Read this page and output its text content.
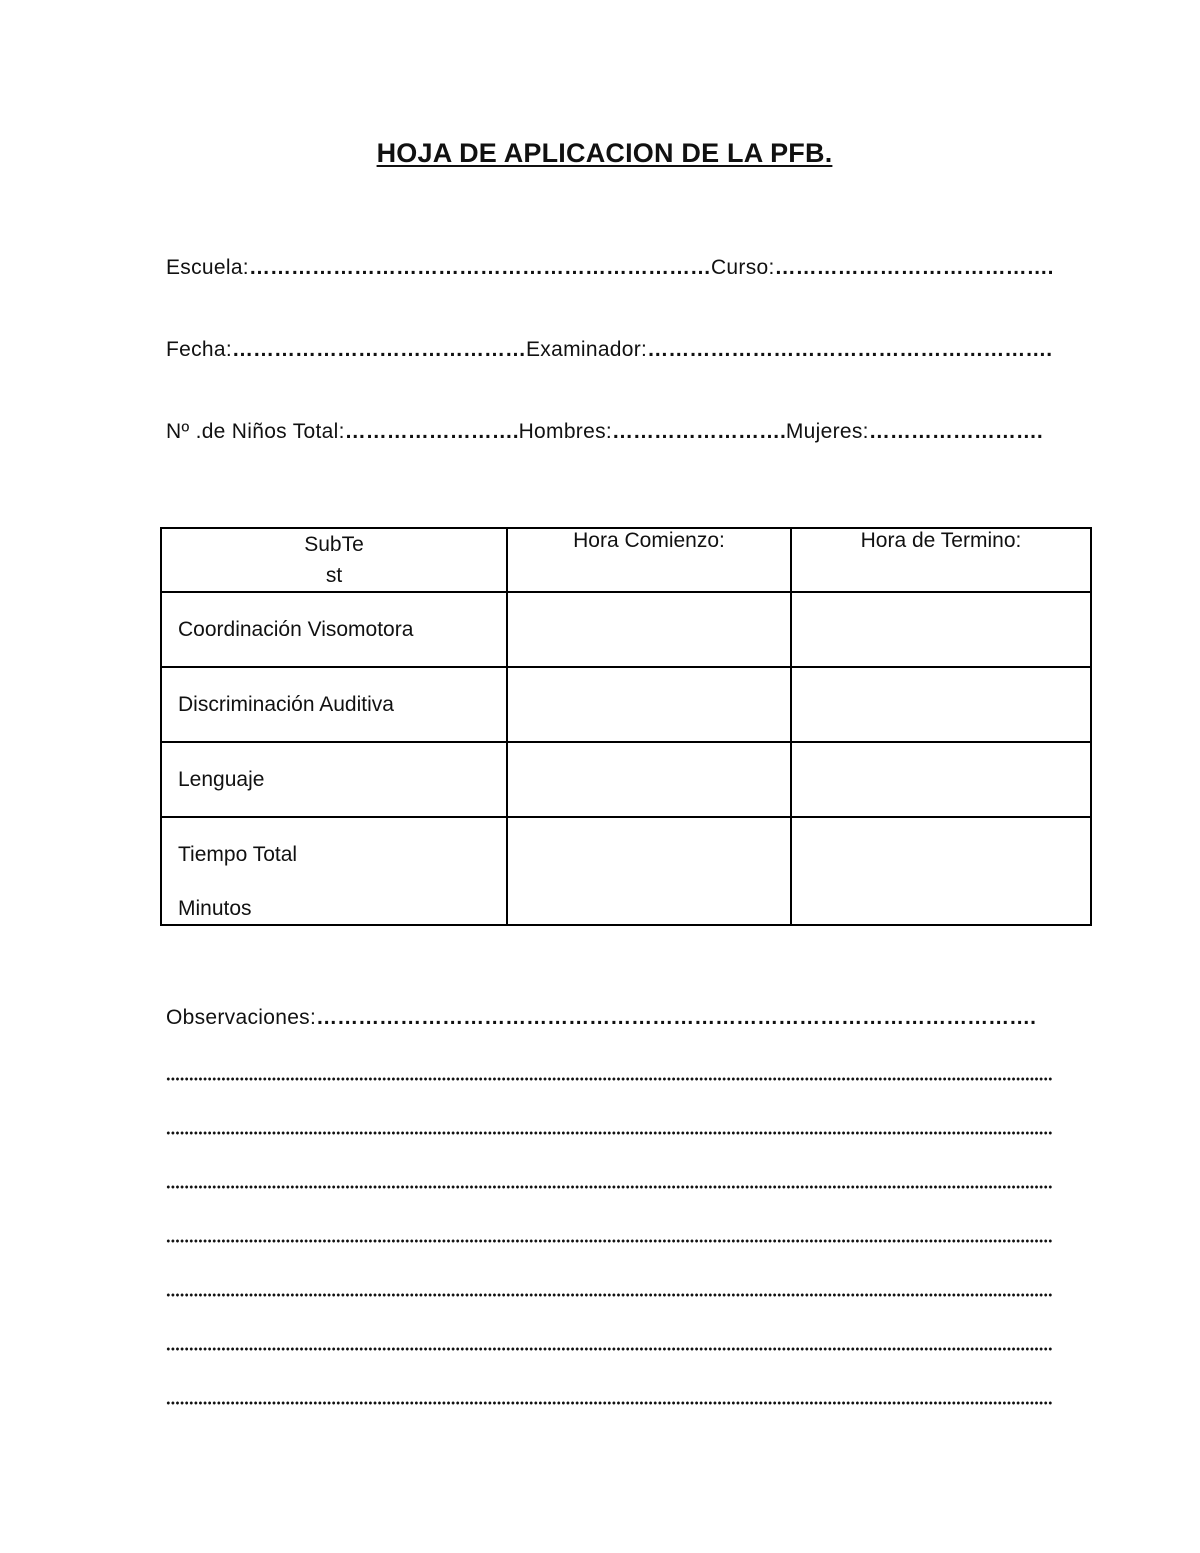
HOJA DE APLICACION DE LA PFB.
Escuela:…………………………………………………………Curso:………………………………….
Fecha:……………………………………Examinador:………………………………………………….
Nº .de Niños Total:…………………….Hombres:…………………….Mujeres:…………………….
SubTe
st	Hora Comienzo:	Hora de Termino:
Coordinación Visomotora		
Discriminación Auditiva		
Lenguaje		

Tiempo Total
Minutos		

Observaciones:………………………………………………………………………………………….
